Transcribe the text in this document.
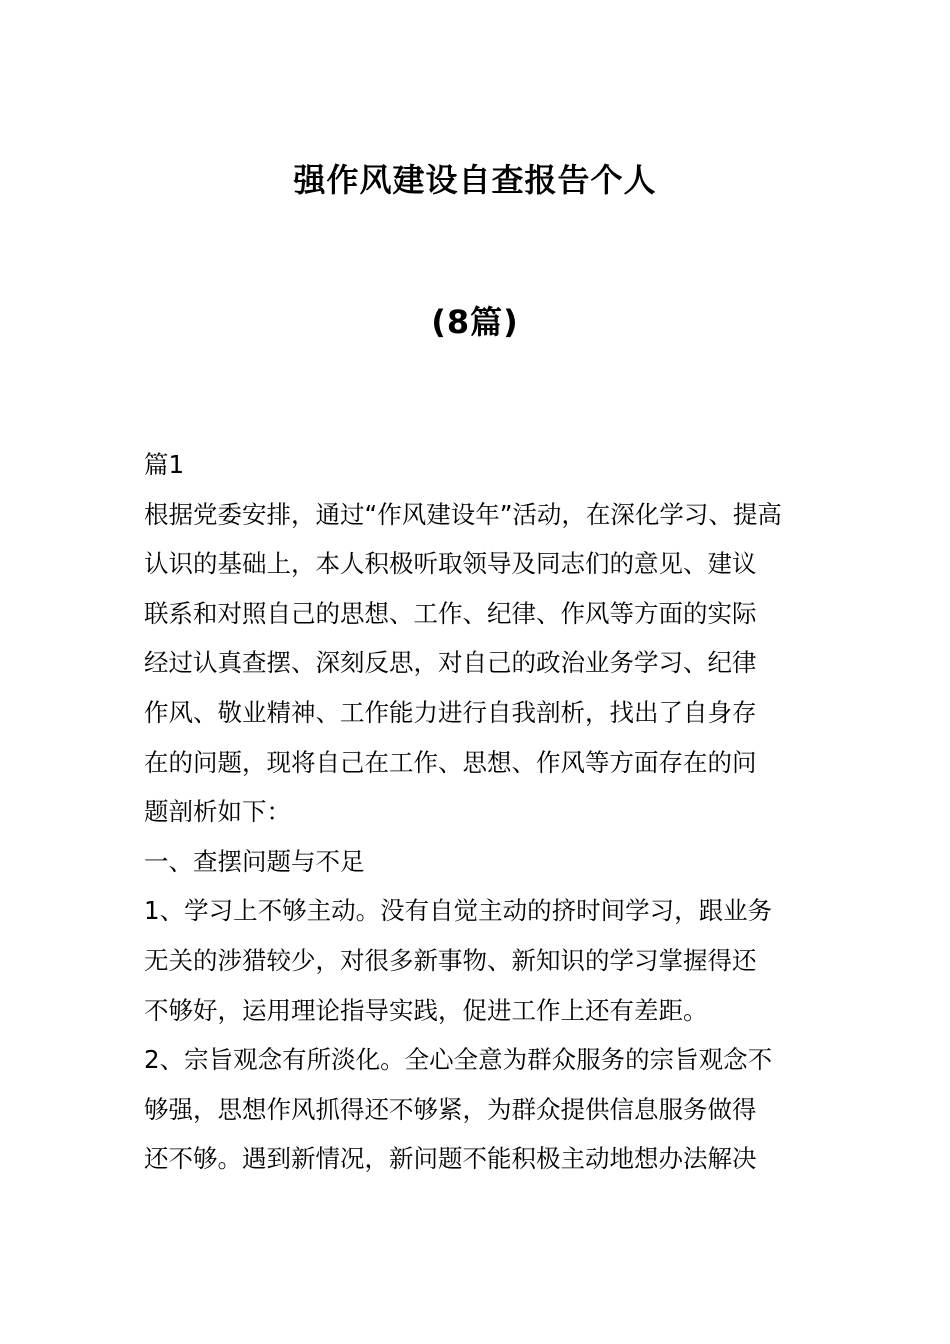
强作风建设自查报告个人
(8篇)

篇1

根据党委安排，通过“作风建设年”活动，在深化学习、提高

认识的基础上，本人积极听取领导及同志们的意见、建议

联系和对照自己的思想、工作、纪律、作风等方面的实际

经过认真查摆、深刻反思，对自己的政治业务学习、纪律

作风、敬业精神、工作能力进行自我剖析，找出了自身存

在的问题，现将自己在工作、思想、作风等方面存在的问

题剖析如下：

一、查摆问题与不足

1、学习上不够主动。没有自觉主动的挤时间学习，跟业务

无关的涉猎较少，对很多新事物、新知识的学习掌握得还

不够好，运用理论指导实践，促进工作上还有差距。

2、宗旨观念有所淡化。全心全意为群众服务的宗旨观念不

够强，思想作风抓得还不够紧，为群众提供信息服务做得

还不够。遇到新情况，新问题不能积极主动地想办法解决
